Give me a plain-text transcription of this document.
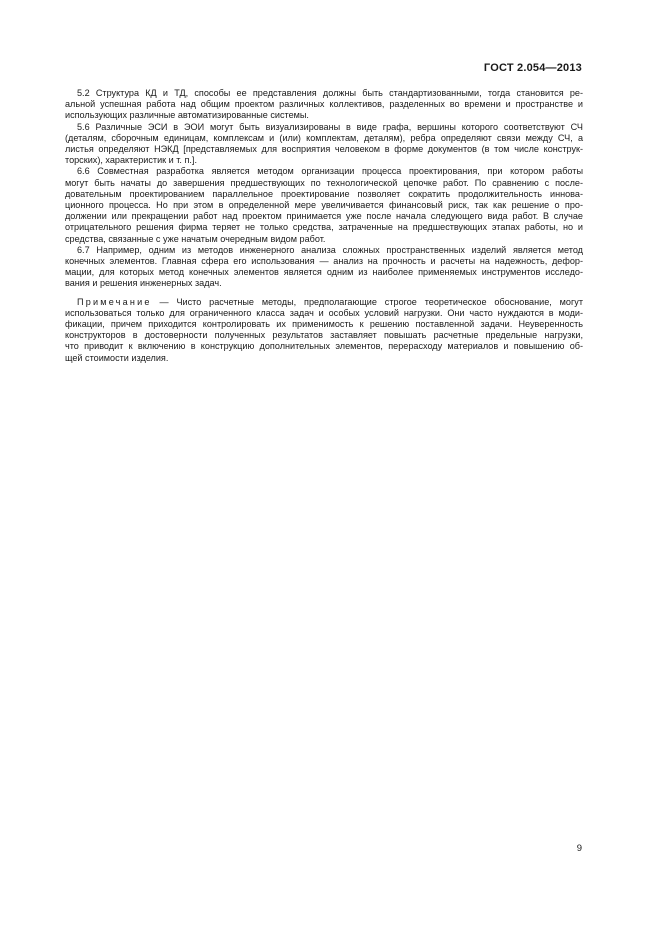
ГОСТ 2.054—2013
5.2 Структура КД и ТД, способы ее представления должны быть стандартизованными, тогда становится ре-
альной успешная работа над общим проектом различных коллективов, разделенных во времени и пространстве и
использующих различные автоматизированные системы.
5.6 Различные ЭСИ в ЭОИ могут быть визуализированы в виде графа, вершины которого соответствуют СЧ
(деталям, сборочным единицам, комплексам и (или) комплектам, деталям), ребра определяют связи между СЧ, а
листья определяют НЭКД [представляемых для восприятия человеком в форме документов (в том числе конструк-
торских), характеристик и т. п.].
6.6 Совместная разработка является методом организации процесса проектирования, при котором работы
могут быть начаты до завершения предшествующих по технологической цепочке работ. По сравнению с после-
довательным проектированием параллельное проектирование позволяет сократить продолжительность иннова-
ционного процесса. Но при этом в определенной мере увеличивается финансовый риск, так как решение о про-
должении или прекращении работ над проектом принимается уже после начала следующего вида работ. В случае
отрицательного решения фирма теряет не только средства, затраченные на предшествующих этапах работы, но и
средства, связанные с уже начатым очередным видом работ.
6.7 Например, одним из методов инженерного анализа сложных пространственных изделий является метод
конечных элементов. Главная сфера его использования — анализ на прочность и расчеты на надежность, дефор-
мации, для которых метод конечных элементов является одним из наиболее применяемых инструментов исследо-
вания и решения инженерных задач.
Примечание — Чисто расчетные методы, предполагающие строгое теоретическое обоснование, могут
использоваться только для ограниченного класса задач и особых условий нагрузки. Они часто нуждаются в моди-
фикации, причем приходится контролировать их применимость к решению поставленной задачи. Неуверенность
конструкторов в достоверности полученных результатов заставляет повышать расчетные предельные нагрузки,
что приводит к включению в конструкцию дополнительных элементов, перерасходу материалов и повышению об-
щей стоимости изделия.
9
